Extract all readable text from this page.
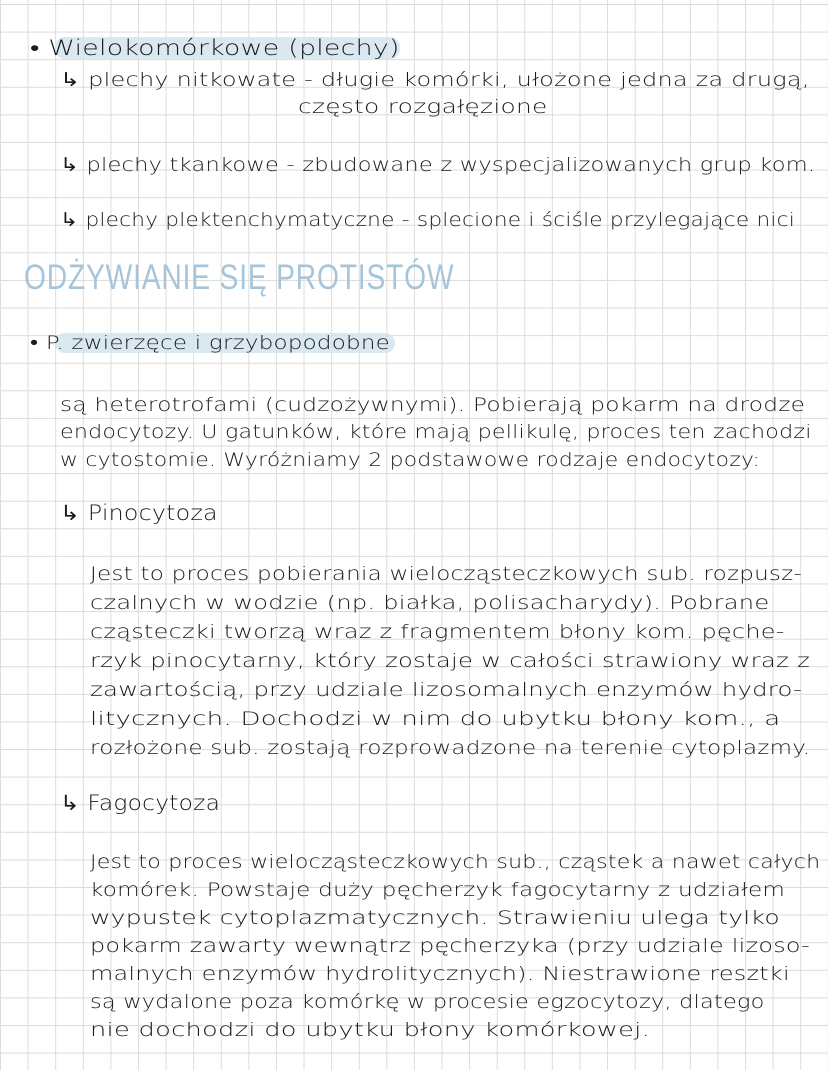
• Wielokomórkowe (plechy)
↳ plechy nitkowate - długie komórki, ułożone jedna za drugą,
często rozgałęzione
↳ plechy tkankowe - zbudowane z wyspecjalizowanych grup kom.
↳ plechy plektenchymatyczne - splecione i ściśle przylegające nici
ODŻYWIANIE SIĘ PROTISTÓW
• P. zwierzęce i grzybopodobne
są heterotrofami (cudzożywnymi). Pobierają pokarm na drodze
endocytozy. U gatunków, które mają pellikulę, proces ten zachodzi
w cytostomie. Wyróżniamy 2 podstawowe rodzaje endocytozy:
↳ Pinocytoza
Jest to proces pobierania wielocząsteczkowych sub. rozpusz-
czalnych w wodzie (np. białka, polisacharydy). Pobrane
cząsteczki tworzą wraz z fragmentem błony kom. pęche-
rzyk pinocytarny, który zostaje w całości strawiony wraz z
zawartością, przy udziale lizosomalnych enzymów hydro-
litycznych. Dochodzi w nim do ubytku błony kom., a
rozłożone sub. zostają rozprowadzone na terenie cytoplazmy.
↳ Fagocytoza
Jest to proces wielocząsteczkowych sub., cząstek a nawet całych
komórek. Powstaje duży pęcherzyk fagocytarny z udziałem
wypustek cytoplazmatycznych. Strawieniu ulega tylko
pokarm zawarty wewnątrz pęcherzyka (przy udziale lizoso-
malnych enzymów hydrolitycznych). Niestrawione resztki
są wydalone poza komórkę w procesie egzocytozy, dlatego
nie dochodzi do ubytku błony komórkowej.
